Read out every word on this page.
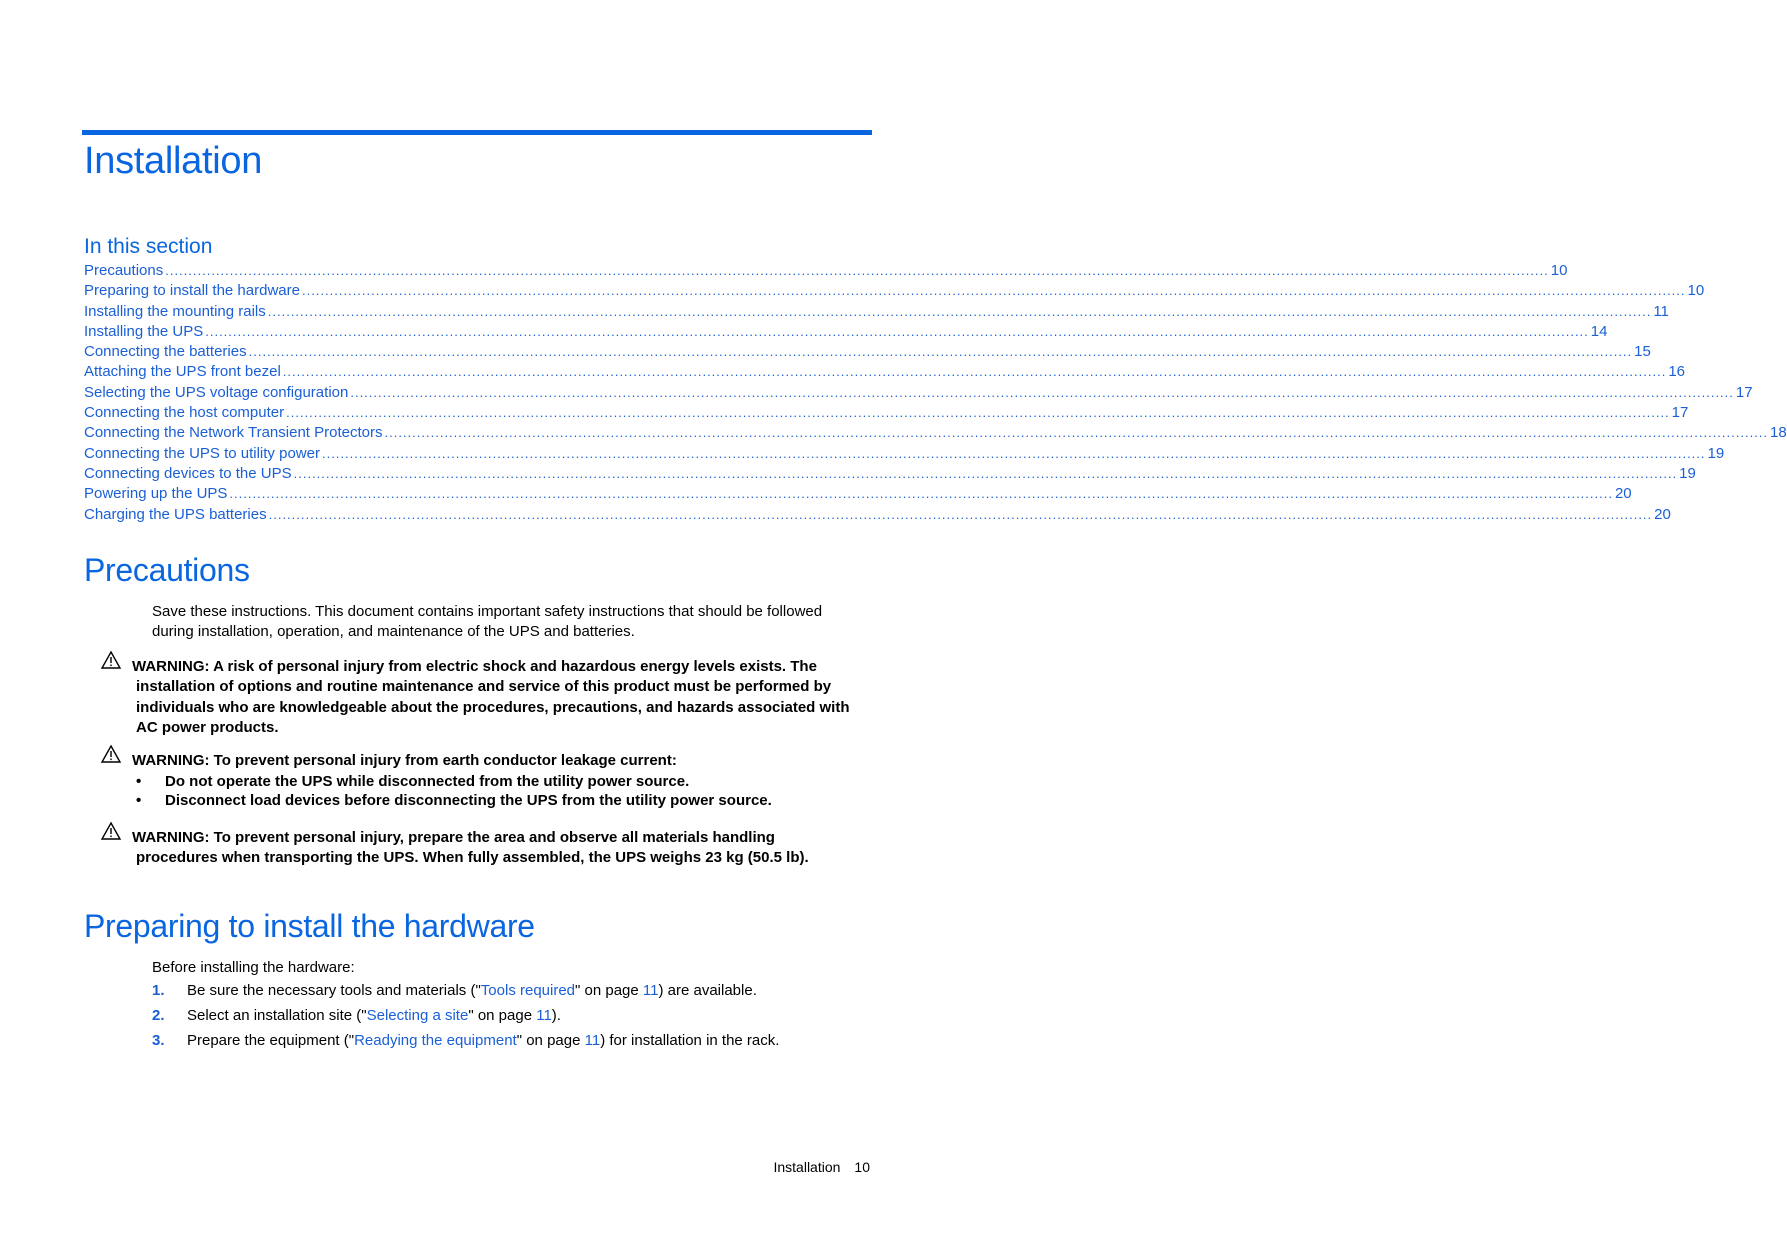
Installation
In this section
Precautions ............................................................................................................................................................................................................................................................................................................ 10
Preparing to install the hardware ............................................................................................................................................................................................................................................................................................................ 10
Installing the mounting rails ............................................................................................................................................................................................................................................................................................................ 11
Installing the UPS ............................................................................................................................................................................................................................................................................................................ 14
Connecting the batteries ............................................................................................................................................................................................................................................................................................................ 15
Attaching the UPS front bezel ............................................................................................................................................................................................................................................................................................................ 16
Selecting the UPS voltage configuration ............................................................................................................................................................................................................................................................................................................ 17
Connecting the host computer ............................................................................................................................................................................................................................................................................................................ 17
Connecting the Network Transient Protectors ............................................................................................................................................................................................................................................................................................................ 18
Connecting the UPS to utility power ............................................................................................................................................................................................................................................................................................................ 19
Connecting devices to the UPS ............................................................................................................................................................................................................................................................................................................ 19
Powering up the UPS ............................................................................................................................................................................................................................................................................................................ 20
Charging the UPS batteries ............................................................................................................................................................................................................................................................................................................ 20
Precautions

Save these instructions. This document contains important safety instructions that should be followed during installation, operation, and maintenance of the UPS and batteries.

WARNING: A risk of personal injury from electric shock and hazardous energy levels exists. The installation of options and routine maintenance and service of this product must be performed by individuals who are knowledgeable about the procedures, precautions, and hazards associated with AC power products.
WARNING: To prevent personal injury from earth conductor leakage current:
•	Do not operate the UPS while disconnected from the utility power source.
•	Disconnect load devices before disconnecting the UPS from the utility power source.
WARNING: To prevent personal injury, prepare the area and observe all materials handling procedures when transporting the UPS. When fully assembled, the UPS weighs 23 kg (50.5 lb).
Preparing to install the hardware

Before installing the hardware:

1.	Be sure the necessary tools and materials ("Tools required" on page 11) are available.
2.	Select an installation site ("Selecting a site" on page 11).
3.	Prepare the equipment ("Readying the equipment" on page 11) for installation in the rack.
Installation 10
